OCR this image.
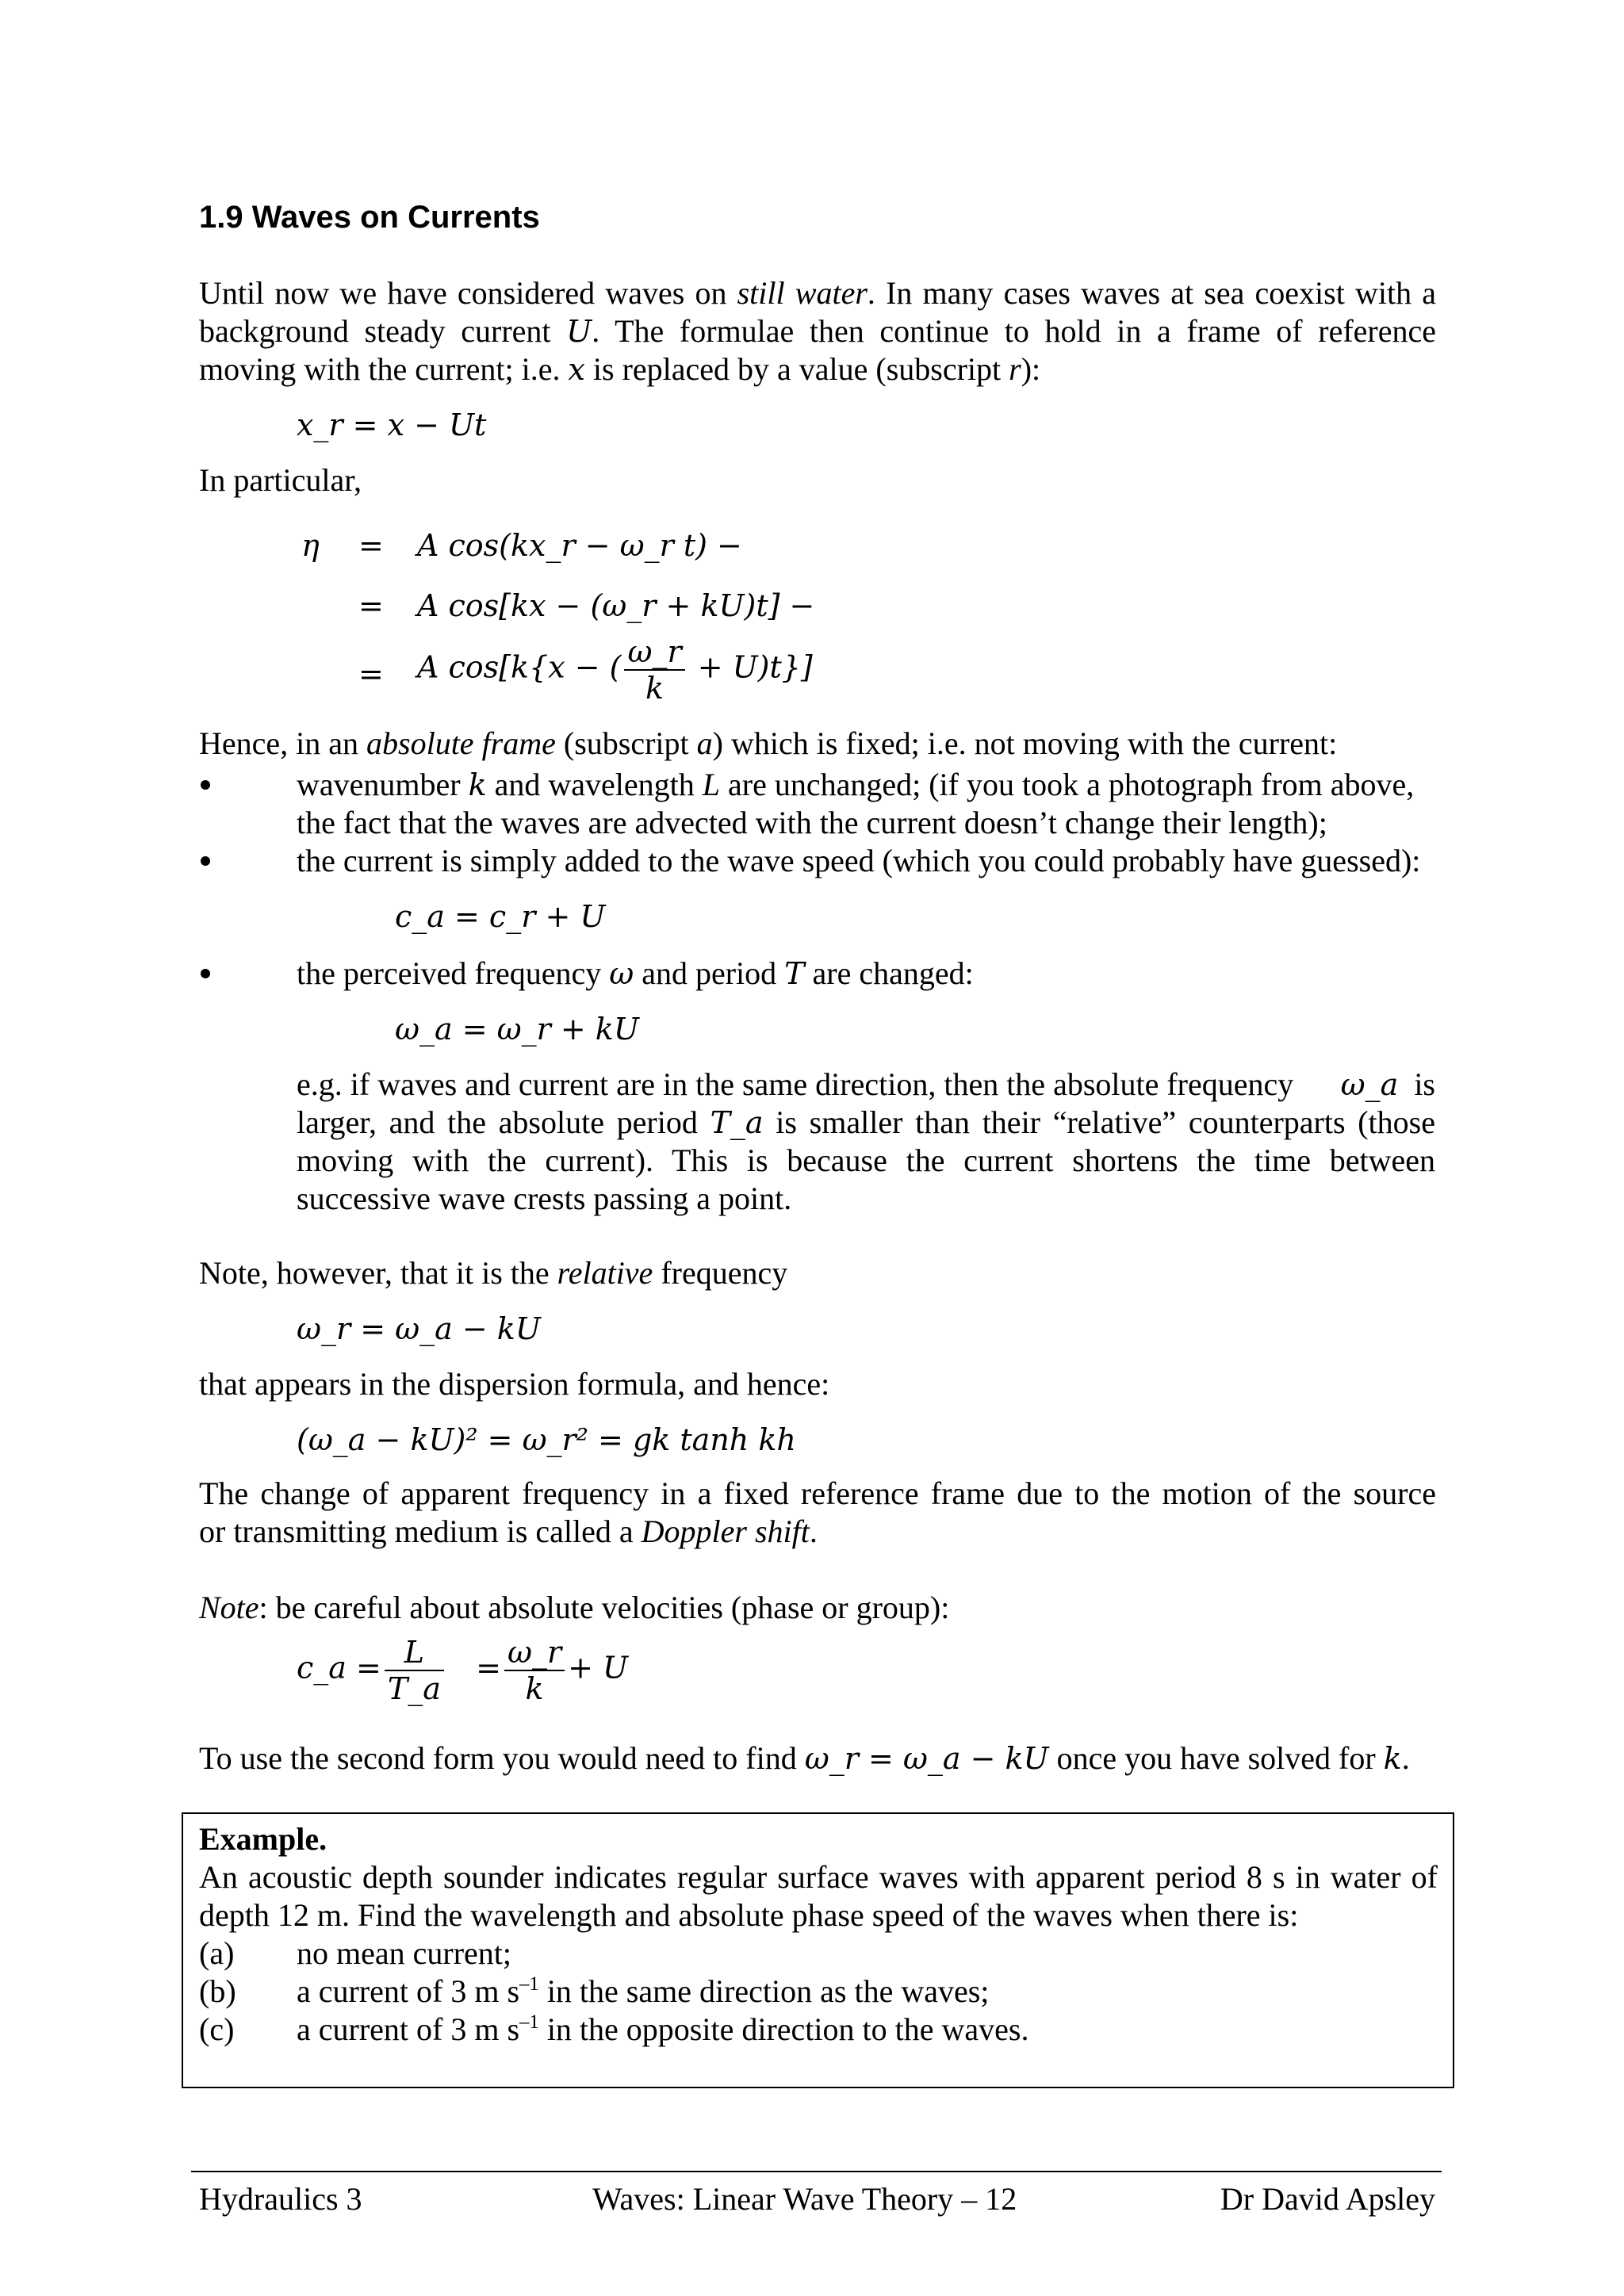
1.9 Waves on Currents
Until now we have considered waves on still water. In many cases waves at sea coexist with a
background steady current U. The formulae then continue to hold in a frame of reference
moving with the current; i.e. x is replaced by a value (subscript r):
x_r = x − Ut
In particular,
η = A cos(kx_r − ω_r t) −
= A cos[kx − (ω_r + kU)t] −
= A cos[k{x − ( $\frac{\omega\_r}{k} + U)t$}]
Hence, in an absolute frame (subscript a) which is fixed; i.e. not moving with the current:
wavenumber k and wavelength L are unchanged; (if you took a photograph from above,
the fact that the waves are advected with the current doesn’t change their length);
the current is simply added to the wave speed (which you could probably have guessed):
c_a = c_r + U
the perceived frequency ω and period T are changed:
ω_a = ω_r + kU
e.g. if waves and current are in the same direction, then the absolute frequency ω_a is
larger, and the absolute period T_a is smaller than their “relative” counterparts (those
moving with the current). This is because the current shortens the time between
successive wave crests passing a point.
Note, however, that it is the relative frequency
ω_r = ω_a − kU
that appears in the dispersion formula, and hence:
(ω_a − kU)² = ω_r² = gk tanh kh
The change of apparent frequency in a fixed reference frame due to the motion of the source
or transmitting medium is called a Doppler shift.
Note: be careful about absolute velocities (phase or group):
c_a = $\frac{L}{T\_a} = \frac{\omega\_r}{k} + U$
To use the second form you would need to find ω_r = ω_a − kU once you have solved for k.
Example.
An acoustic depth sounder indicates regular surface waves with apparent period 8 s in water of
depth 12 m. Find the wavelength and absolute phase speed of the waves when there is:
(a) no mean current;
(b) a current of 3 m $s^{-1}$ in the same direction as the waves;
(c) a current of 3 m $s^{-1}$ in the opposite direction to the waves.
Hydraulics 3	Waves: Linear Wave Theory – 12	Dr David Apsley
